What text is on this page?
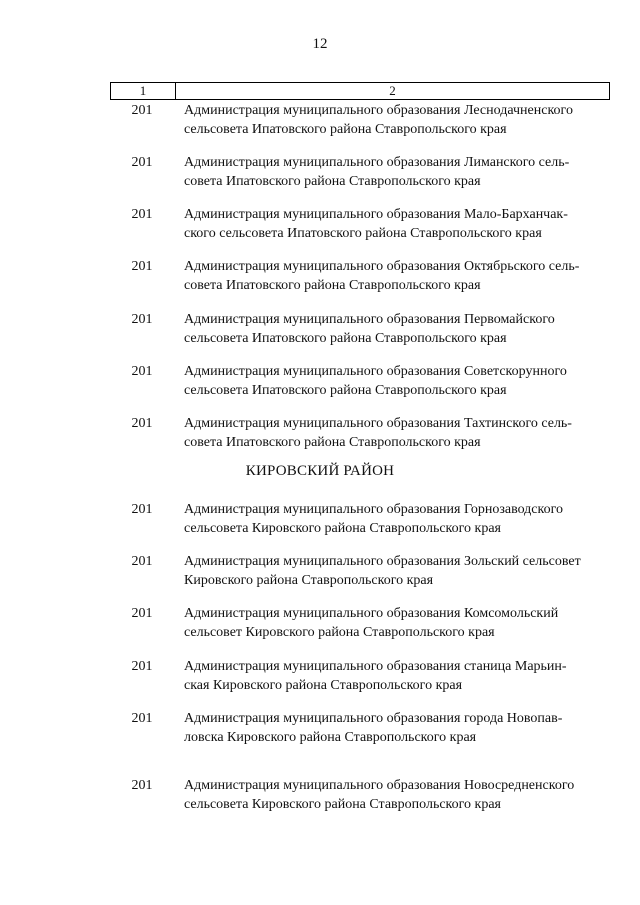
12
1	2
201	Администрация муниципального образования Леснодачненского
сельсовета Ипатовского района Ставропольского края
201	Администрация муниципального образования Лиманского сель-
совета Ипатовского района Ставропольского края
201	Администрация муниципального образования Мало-Барханчак-
ского сельсовета Ипатовского района Ставропольского края
201	Администрация муниципального образования Октябрьского сель-
совета Ипатовского района Ставропольского края
201	Администрация муниципального образования Первомайского
сельсовета Ипатовского района Ставропольского края
201	Администрация муниципального образования Советскорунного
сельсовета Ипатовского района Ставропольского края
201	Администрация муниципального образования Тахтинского сель-
совета Ипатовского района Ставропольского края
КИРОВСКИЙ РАЙОН
201	Администрация муниципального образования Горнозаводского
сельсовета Кировского района Ставропольского края
201	Администрация муниципального образования Зольский сельсовет
Кировского района Ставропольского края
201	Администрация муниципального образования Комсомольский
сельсовет Кировского района Ставропольского края
201	Администрация муниципального образования станица Марьин-
ская Кировского района Ставропольского края
201	Администрация муниципального образования города Новопав-
ловска Кировского района Ставропольского края
201	Администрация муниципального образования Новосредненского
сельсовета Кировского района Ставропольского края
